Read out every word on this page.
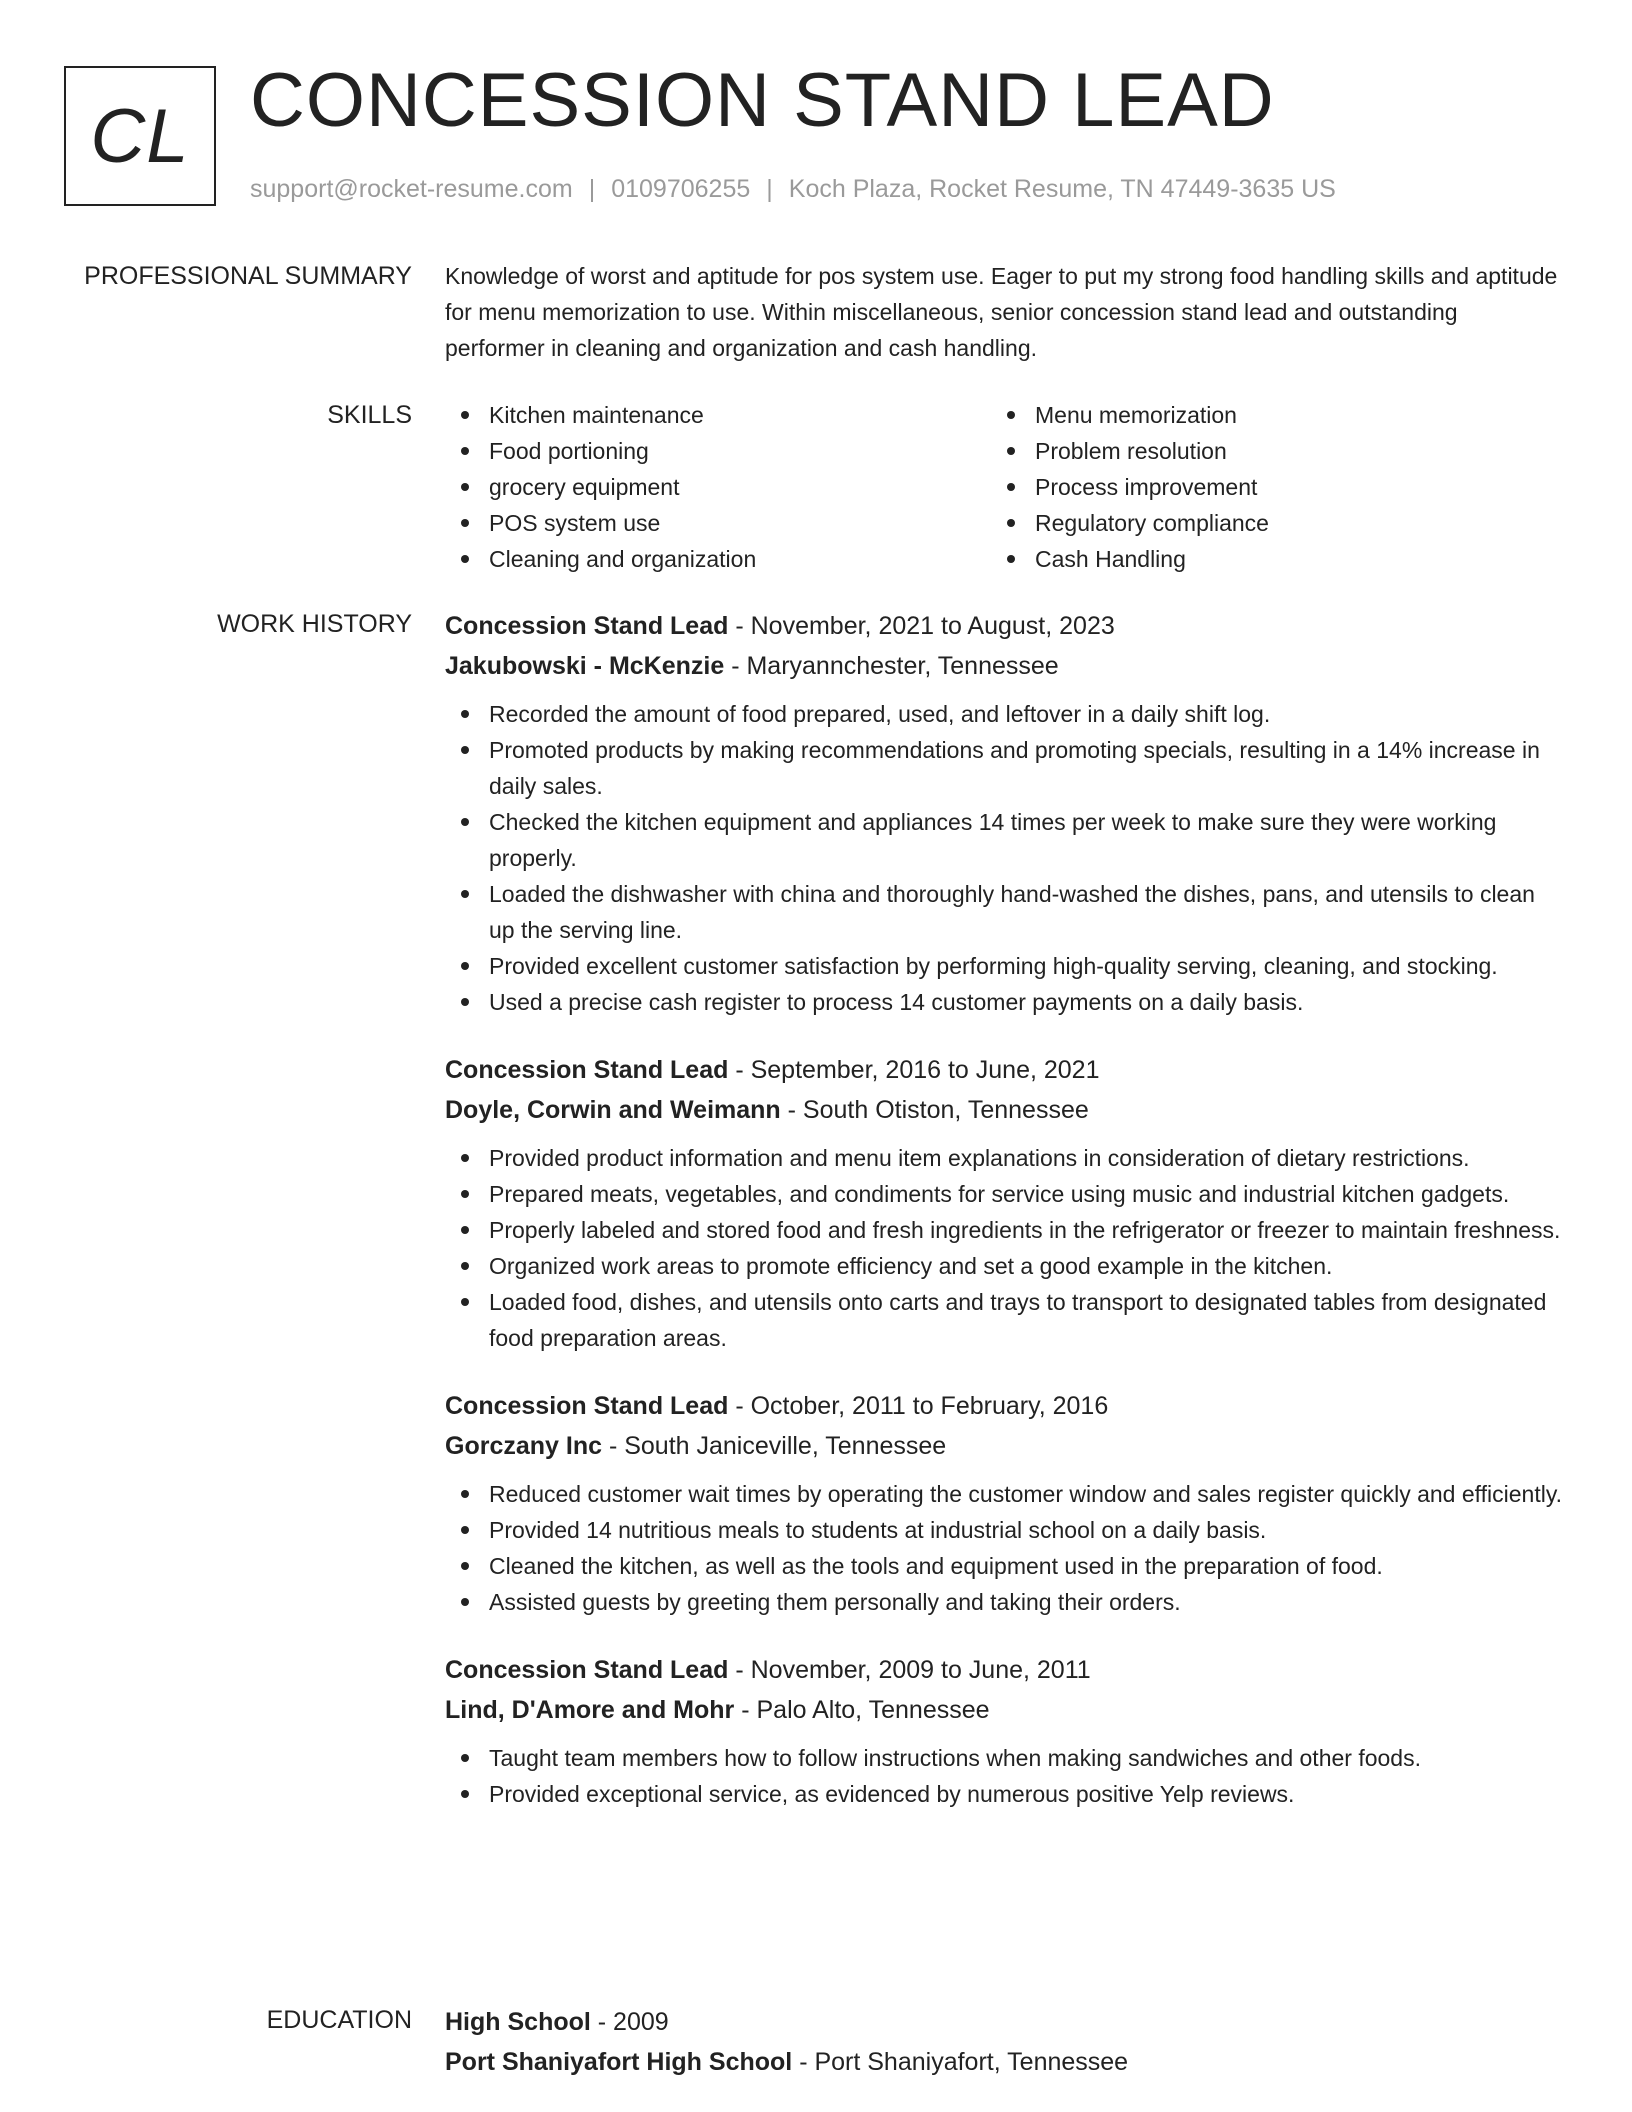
CL CONCESSION STAND LEAD
support@rocket-resume.com | 0109706255 | Koch Plaza, Rocket Resume, TN 47449-3635 US
PROFESSIONAL SUMMARY Knowledge of worst and aptitude for pos system use. Eager to put my strong food handling skills and aptitude for menu memorization to use. Within miscellaneous, senior concession stand lead and outstanding performer in cleaning and organization and cash handling.

SKILLS	Kitchen maintenance
Food portioning
grocery equipment
POS system use
Cleaning and organization
Menu memorization
Problem resolution
Process improvement
Regulatory compliance
Cash Handling
WORK HISTORY Concession Stand Lead - November, 2021 to August, 2023
Jakubowski - McKenzie - Maryannchester, Tennessee
Recorded the amount of food prepared, used, and leftover in a daily shift log.
Promoted products by making recommendations and promoting specials, resulting in a 14% increase in daily sales.
Checked the kitchen equipment and appliances 14 times per week to make sure they were working properly.
Loaded the dishwasher with china and thoroughly hand-washed the dishes, pans, and utensils to clean up the serving line.
Provided excellent customer satisfaction by performing high-quality serving, cleaning, and stocking.
Used a precise cash register to process 14 customer payments on a daily basis.
Concession Stand Lead - September, 2016 to June, 2021
Doyle, Corwin and Weimann - South Otiston, Tennessee
Provided product information and menu item explanations in consideration of dietary restrictions.
Prepared meats, vegetables, and condiments for service using music and industrial kitchen gadgets.
Properly labeled and stored food and fresh ingredients in the refrigerator or freezer to maintain freshness.
Organized work areas to promote efficiency and set a good example in the kitchen.
Loaded food, dishes, and utensils onto carts and trays to transport to designated tables from designated food preparation areas.
Concession Stand Lead - October, 2011 to February, 2016
Gorczany Inc - South Janiceville, Tennessee
Reduced customer wait times by operating the customer window and sales register quickly and efficiently.
Provided 14 nutritious meals to students at industrial school on a daily basis.
Cleaned the kitchen, as well as the tools and equipment used in the preparation of food.
Assisted guests by greeting them personally and taking their orders.
Concession Stand Lead - November, 2009 to June, 2011
Lind, D'Amore and Mohr - Palo Alto, Tennessee
Taught team members how to follow instructions when making sandwiches and other foods.
Provided exceptional service, as evidenced by numerous positive Yelp reviews.
EDUCATION High School - 2009
Port Shaniyafort High School - Port Shaniyafort, Tennessee
